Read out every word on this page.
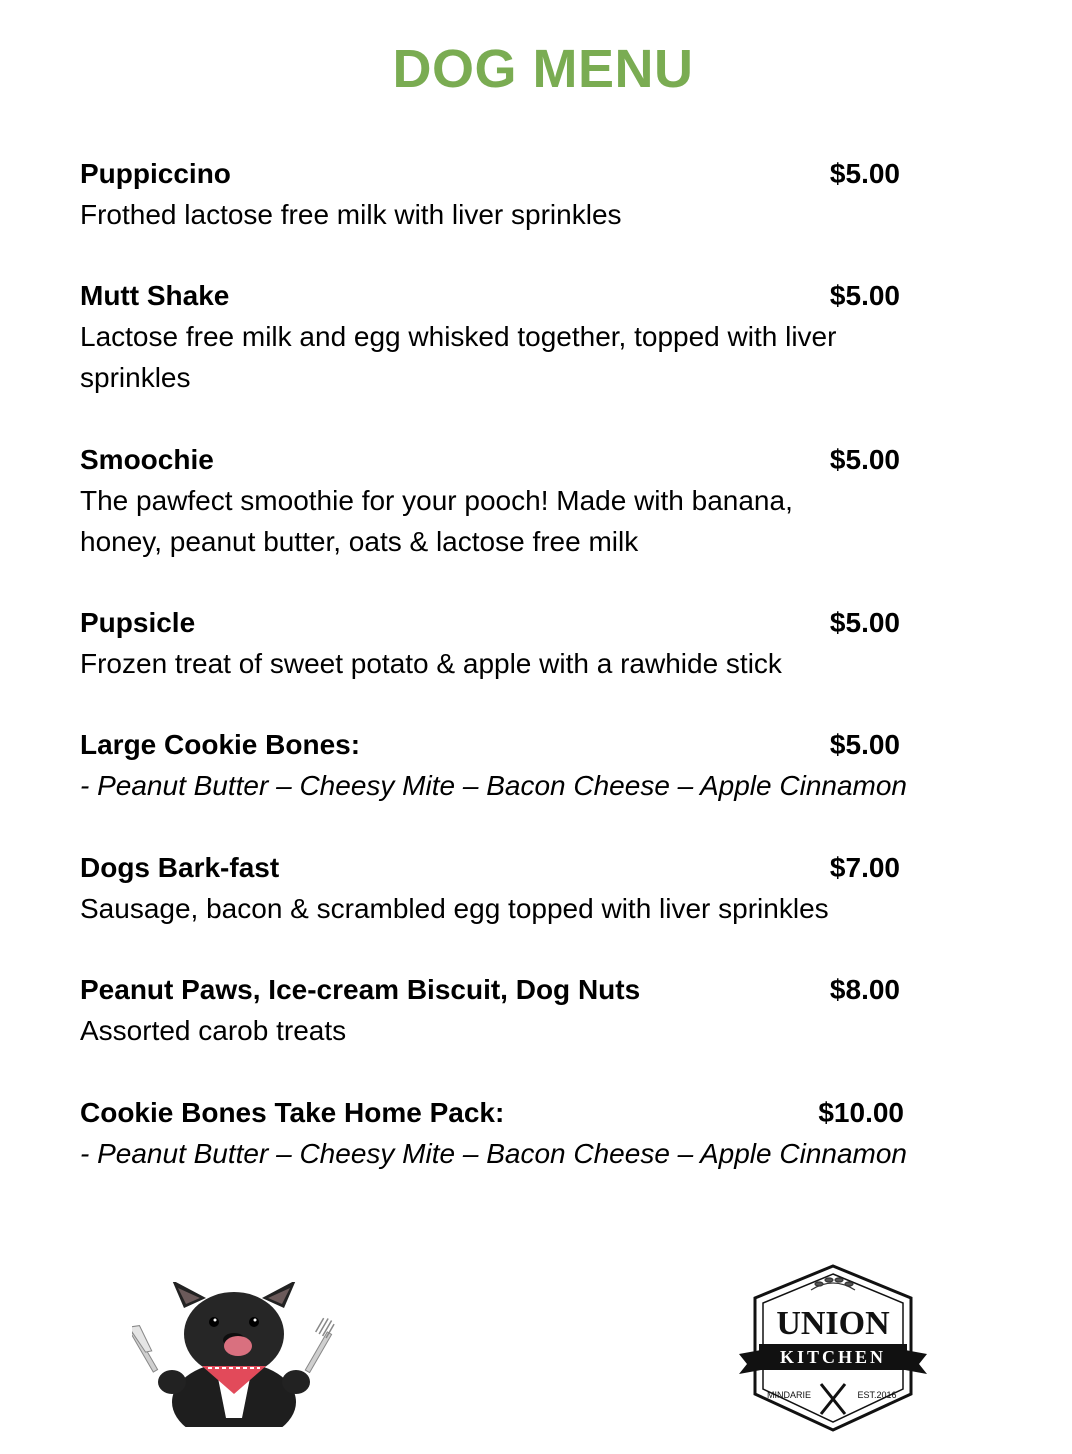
DOG MENU
Puppiccino	$5.00
Frothed lactose free milk with liver sprinkles
Mutt Shake	$5.00
Lactose free milk and egg whisked together, topped with liver
sprinkles
Smoochie	$5.00
The pawfect smoothie for your pooch! Made with banana,
honey, peanut butter, oats & lactose free milk
Pupsicle	$5.00
Frozen treat of sweet potato & apple with a rawhide stick
Large Cookie Bones:	$5.00
- Peanut Butter – Cheesy Mite – Bacon Cheese – Apple Cinnamon
Dogs Bark-fast	$7.00
Sausage, bacon & scrambled egg topped with liver sprinkles
Peanut Paws, Ice-cream Biscuit, Dog Nuts	$8.00
Assorted carob treats
Cookie Bones Take Home Pack:	$10.00
- Peanut Butter – Cheesy Mite – Bacon Cheese – Apple Cinnamon
UNION
KITCHEN
MINDARIE	EST.2016
